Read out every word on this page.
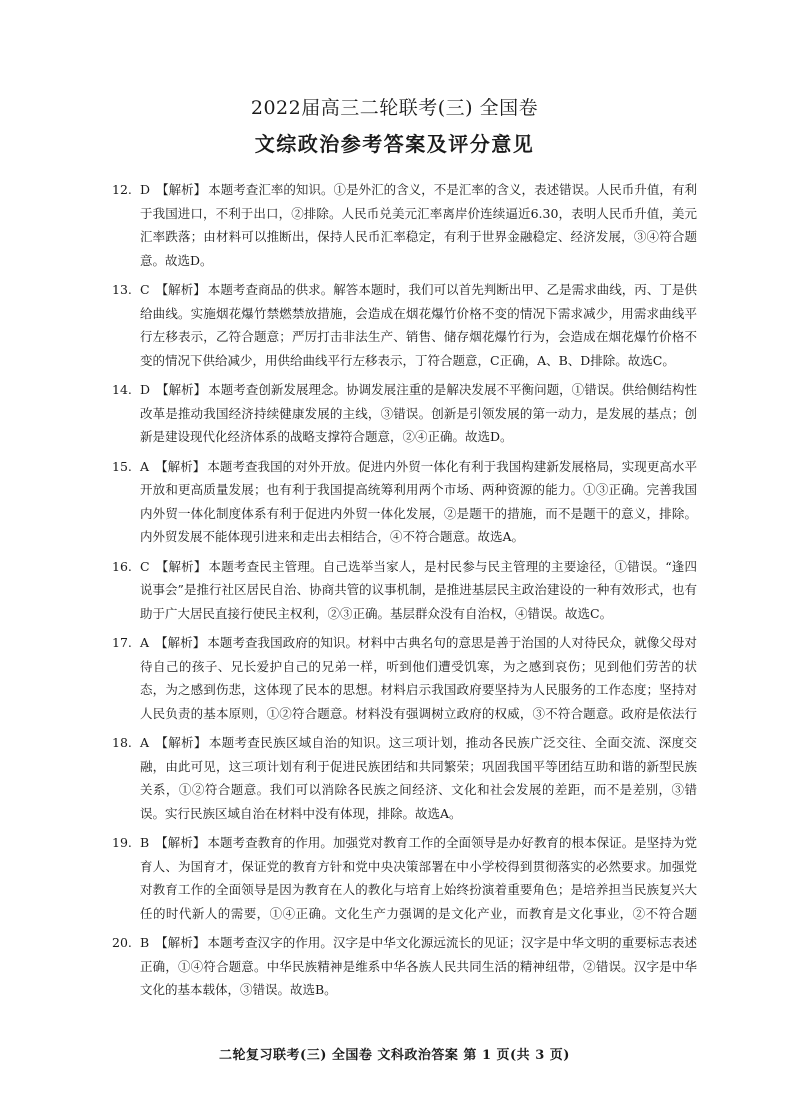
2022届高三二轮联考(三) 全国卷
文综政治参考答案及评分意见

12. D 【解析】 本题考查汇率的知识。①是外汇的含义，不是汇率的含义，表述错误。人民币升值，有利于我国进口，不利于出口，②排除。人民币兑美元汇率离岸价连续逼近6.30，表明人民币升值，美元汇率跌落；由材料可以推断出，保持人民币汇率稳定，有利于世界金融稳定、经济发展，③④符合题意。故选D。

13. C 【解析】 本题考查商品的供求。解答本题时，我们可以首先判断出甲、乙是需求曲线，丙、丁是供给曲线。实施烟花爆竹禁燃禁放措施，会造成在烟花爆竹价格不变的情况下需求减少，用需求曲线平行左移表示，乙符合题意；严厉打击非法生产、销售、储存烟花爆竹行为，会造成在烟花爆竹价格不变的情况下供给减少，用供给曲线平行左移表示，丁符合题意，C正确，A、B、D排除。故选C。

14. D 【解析】 本题考查创新发展理念。协调发展注重的是解决发展不平衡问题，①错误。供给侧结构性改革是推动我国经济持续健康发展的主线，③错误。创新是引领发展的第一动力，是发展的基点；创新是建设现代化经济体系的战略支撑符合题意，②④正确。故选D。

15. A 【解析】 本题考查我国的对外开放。促进内外贸一体化有利于我国构建新发展格局，实现更高水平开放和更高质量发展；也有利于我国提高统筹利用两个市场、两种资源的能力。①③正确。完善我国内外贸一体化制度体系有利于促进内外贸一体化发展，②是题干的措施，而不是题干的意义，排除。内外贸发展不能体现引进来和走出去相结合，④不符合题意。故选A。

16. C 【解析】 本题考查民主管理。自己选举当家人，是村民参与民主管理的主要途径，①错误。“逢四说事会”是推行社区居民自治、协商共管的议事机制，是推进基层民主政治建设的一种有效形式，也有助于广大居民直接行使民主权利，②③正确。基层群众没有自治权，④错误。故选C。

17. A 【解析】 本题考查我国政府的知识。材料中古典名句的意思是善于治国的人对待民众，就像父母对待自己的孩子、兄长爱护自己的兄弟一样，听到他们遭受饥寒，为之感到哀伤；见到他们劳苦的状态，为之感到伤悲，这体现了民本的思想。材料启示我国政府要坚持为人民服务的工作态度；坚持对人民负责的基本原则，①②符合题意。材料没有强调树立政府的权威，③不符合题意。政府是依法行

18. A 【解析】 本题考查民族区域自治的知识。这三项计划，推动各民族广泛交往、全面交流、深度交融，由此可见，这三项计划有利于促进民族团结和共同繁荣；巩固我国平等团结互助和谐的新型民族关系，①②符合题意。我们可以消除各民族之间经济、文化和社会发展的差距，而不是差别，③错误。实行民族区域自治在材料中没有体现，排除。故选A。

19. B 【解析】 本题考查教育的作用。加强党对教育工作的全面领导是办好教育的根本保证。是坚持为党育人、为国育才，保证党的教育方针和党中央决策部署在中小学校得到贯彻落实的必然要求。加强党对教育工作的全面领导是因为教育在人的教化与培育上始终扮演着重要角色；是培养担当民族复兴大任的时代新人的需要，①④正确。文化生产力强调的是文化产业，而教育是文化事业，②不符合题

20. B 【解析】 本题考查汉字的作用。汉字是中华文化源远流长的见证；汉字是中华文明的重要标志表述正确，①④符合题意。中华民族精神是维系中华各族人民共同生活的精神纽带，②错误。汉字是中华文化的基本载体，③错误。故选B。

二轮复习联考(三) 全国卷 文科政治答案 第 1 页(共 3 页)
